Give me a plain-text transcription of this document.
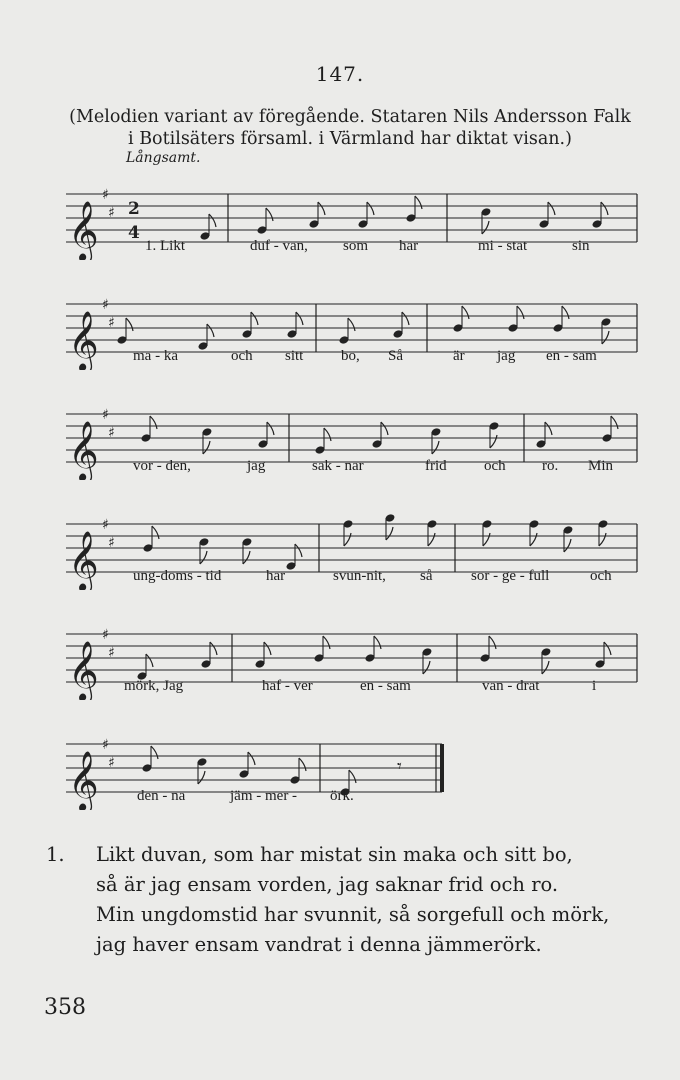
147.
(Melodien variant av föregående. Stataren Nils Andersson Falk
i Botilsäters församl. i Värmland har diktat visan.)
Långsamt.
𝄞
♯
♯ 2
4
1. Likt	duf - van, som har	mi - stat	sin
𝄞
♯
♯
ma - ka	och sitt	bo, Så	är jag en - sam
𝄞
♯
♯
vor - den,	jag	sak - nar	frid och ro. Min
𝄞
♯
♯
ung-doms - tid	har	svun-nit, så	sor - ge - full	och
𝄞
♯
♯
mörk, Jag	haf - ver	en - sam	van - drat	i
𝄞
♯
♯	𝄾
den - na	jäm - mer - örk.
1. Likt duvan, som har mistat sin maka och sitt bo,
så är jag ensam vorden, jag saknar frid och ro.
Min ungdomstid har svunnit, så sorgefull och mörk,
jag haver ensam vandrat i denna jämmerörk.
358
